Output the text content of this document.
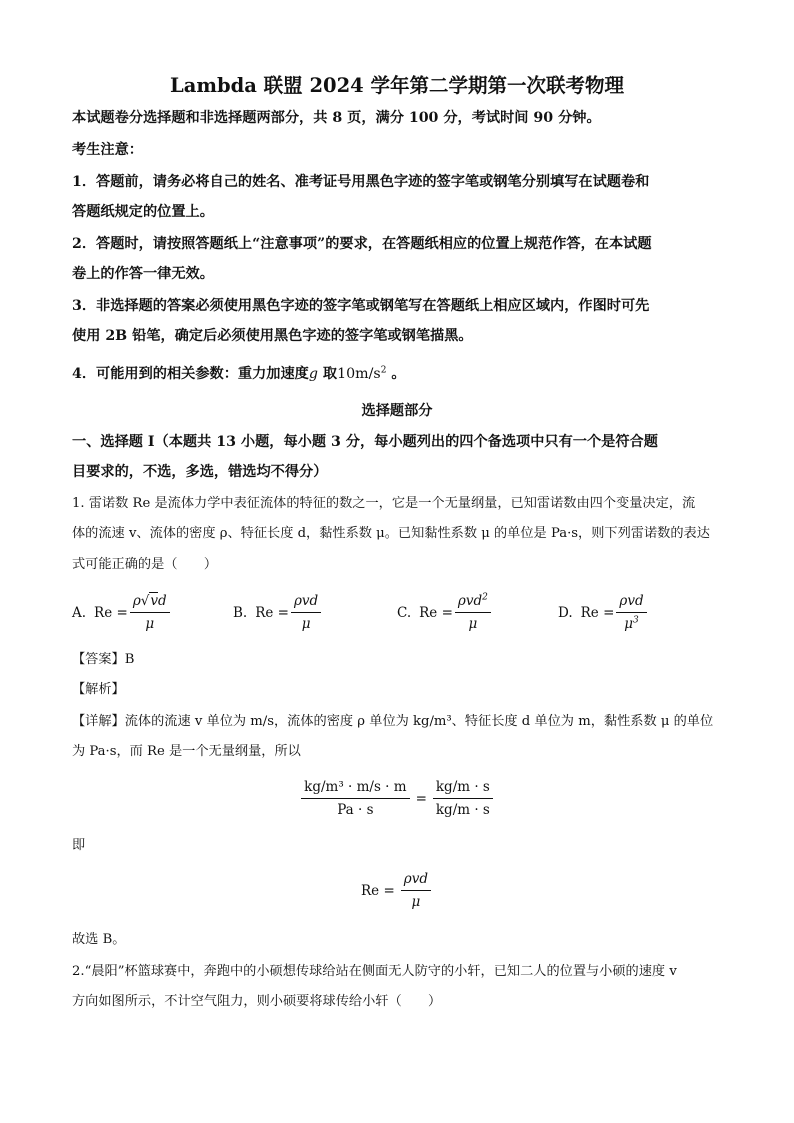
Lambda 联盟 2024 学年第二学期第一次联考物理
本试题卷分选择题和非选择题两部分，共 8 页，满分 100 分，考试时间 90 分钟。
考生注意：
1．答题前，请务必将自己的姓名、准考证号用黑色字迹的签字笔或钢笔分别填写在试题卷和
答题纸规定的位置上。
2．答题时，请按照答题纸上“注意事项”的要求，在答题纸相应的位置上规范作答，在本试题
卷上的作答一律无效。
3．非选择题的答案必须使用黑色字迹的签字笔或钢笔写在答题纸上相应区域内，作图时可先
使用 2B 铅笔，确定后必须使用黑色字迹的签字笔或钢笔描黑。
4．可能用到的相关参数：重力加速度g 取$10m/s^2$ 。
选择题部分
一、选择题 I（本题共 13 小题，每小题 3 分，每小题列出的四个备选项中只有一个是符合题
目要求的，不选，多选，错选均不得分）
1. 雷诺数 Re 是流体力学中表征流体的特征的数之一，它是一个无量纲量，已知雷诺数由四个变量决定，流
体的流速 v、流体的密度 ρ、特征长度 d，黏性系数 μ。已知黏性系数 μ 的单位是 Pa·s，则下列雷诺数的表达
式可能正确的是（　　）
A. $Re = \frac{\rho√vd}{\mu}$	B. $Re = \frac{\text{ρvd}}{\mu}$	C. $Re = \frac{\rho vd^2}{\mu}$	D. $Re = \frac{\text{ρvd}}{\mu^3}$
【答案】B
【解析】
【详解】流体的流速 v 单位为 m/s，流体的密度 ρ 单位为 kg/m³、特征长度 d 单位为 m，黏性系数 μ 的单位
为 Pa·s，而 Re 是一个无量纲量，所以
$\frac{\text{kg/m³ · m/s · m}}{Pa \cdot s} = \frac{kg/m \cdot s}{kg/m \cdot s}$
即
$Re = \frac{\text{ρvd}}{\mu}$
故选 B。
2.“晨阳”杯篮球赛中，奔跑中的小硕想传球给站在侧面无人防守的小轩，已知二人的位置与小硕的速度 v
方向如图所示，不计空气阻力，则小硕要将球传给小轩（　　）
